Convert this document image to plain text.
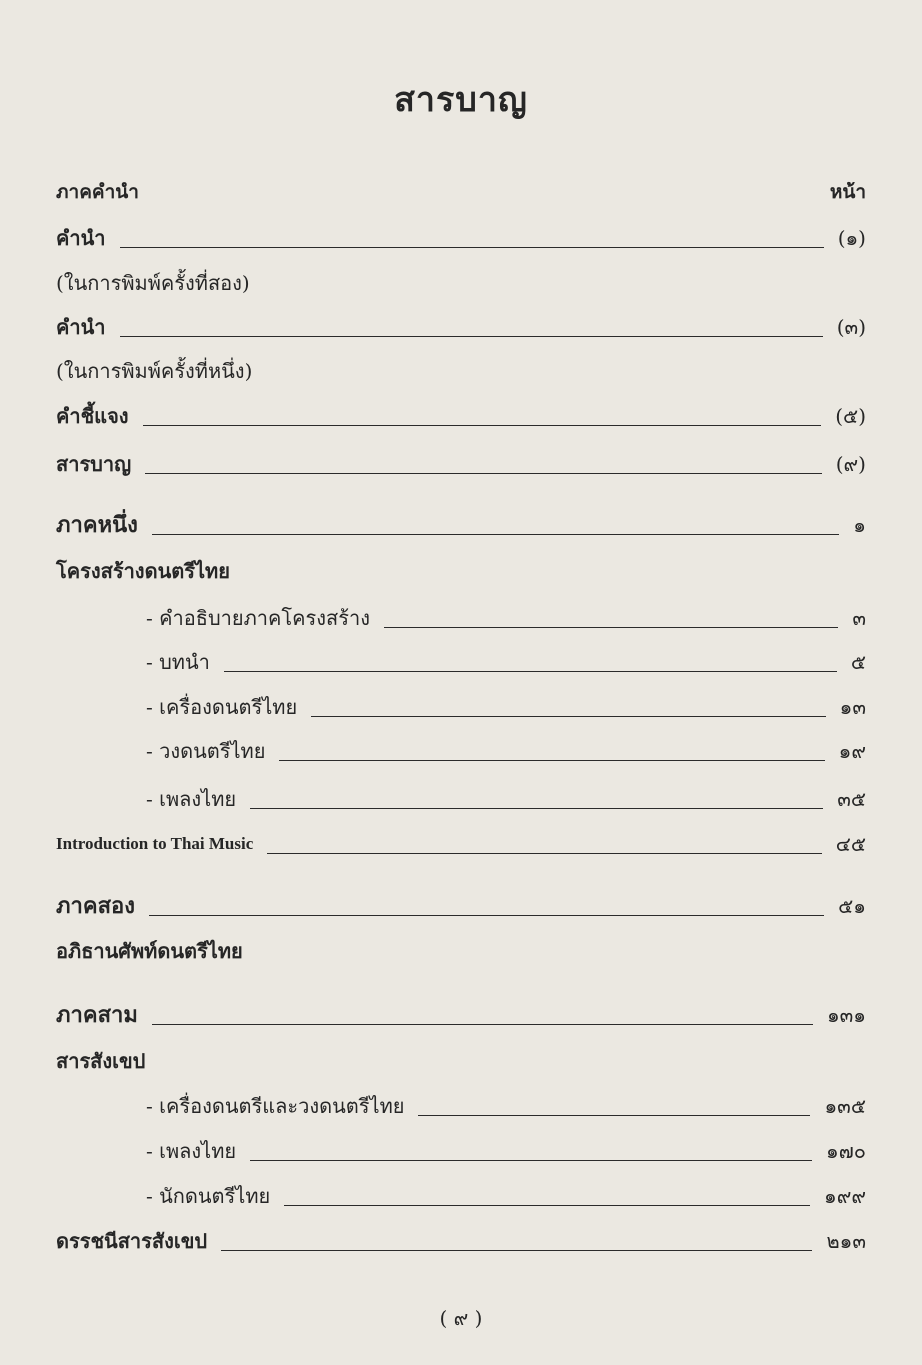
สารบาญ
ภาคคำนำ	หน้า
คำนำ	(๑)
(ในการพิมพ์ครั้งที่สอง)
คำนำ	(๓)
(ในการพิมพ์ครั้งที่หนึ่ง)
คำชี้แจง	(๕)
สารบาญ	(๙)
ภาคหนึ่ง	๑
โครงสร้างดนตรีไทย
- คำอธิบายภาคโครงสร้าง	๓
- บทนำ	๕
- เครื่องดนตรีไทย	๑๓
- วงดนตรีไทย	๑๙
- เพลงไทย	๓๕
Introduction to Thai Music	๔๕
ภาคสอง	๕๑
อภิธานศัพท์ดนตรีไทย
ภาคสาม	๑๓๑
สารสังเขป
- เครื่องดนตรีและวงดนตรีไทย	๑๓๕
- เพลงไทย	๑๗๐
- นักดนตรีไทย	๑๙๙
ดรรชนีสารสังเขป	๒๑๓
( ๙ )
